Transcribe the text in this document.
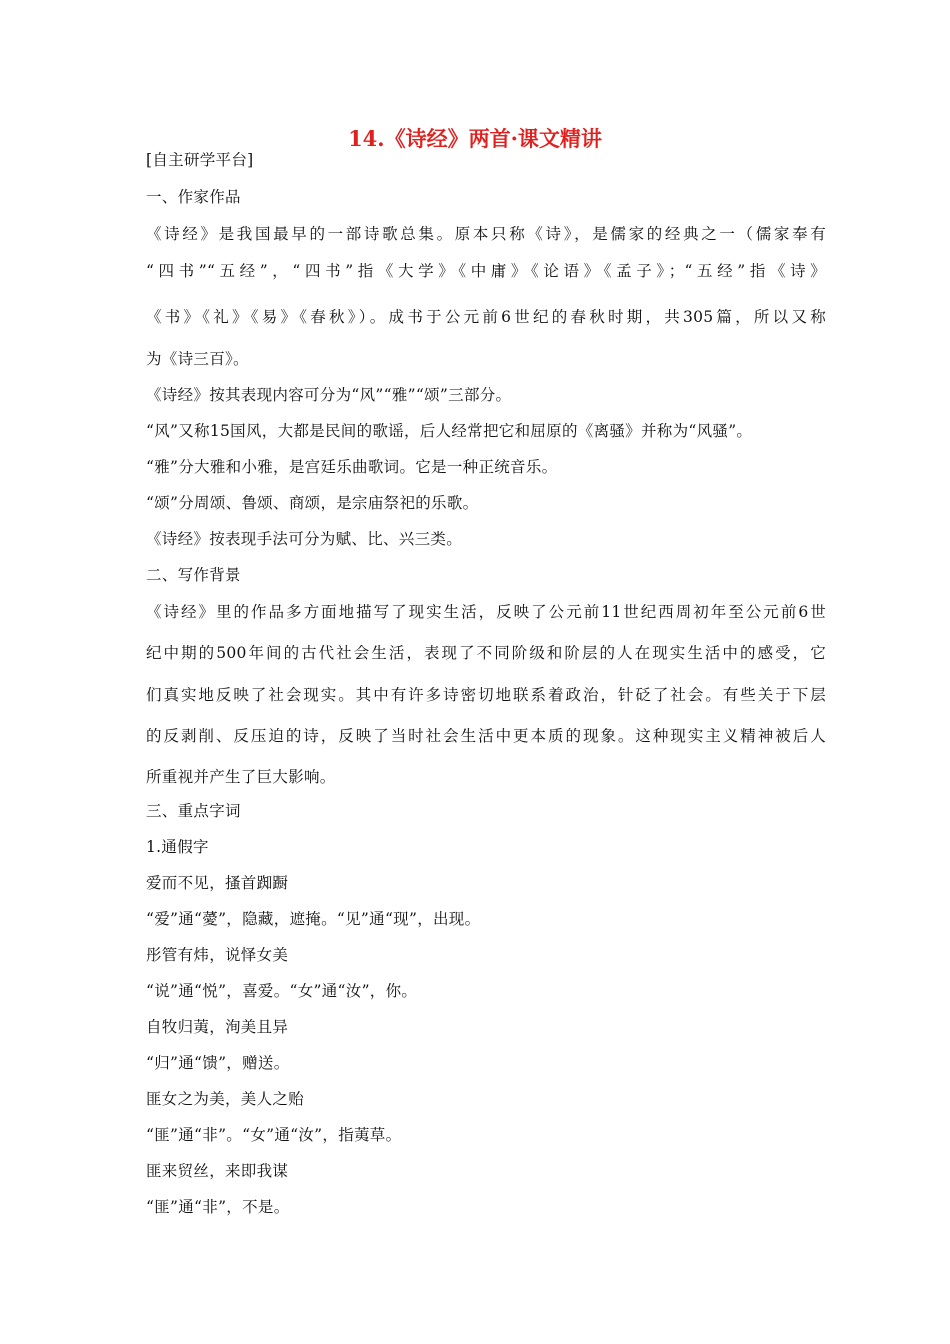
14.《诗经》两首·课文精讲

[自主研学平台]

一、作家作品

《诗经》是我国最早的一部诗歌总集。原本只称《诗》，是儒家的经典之一（儒家奉有

“四书”“五经”，“四书”指《大学》《中庸》《论语》《孟子》；“五经”指《诗》

《书》《礼》《易》《春秋》）。成书于公元前6世纪的春秋时期，共305篇，所以又称

为《诗三百》。

《诗经》按其表现内容可分为“风”“雅”“颂”三部分。

“风”又称15国风，大都是民间的歌谣，后人经常把它和屈原的《离骚》并称为“风骚”。

“雅”分大雅和小雅，是宫廷乐曲歌词。它是一种正统音乐。

“颂”分周颂、鲁颂、商颂，是宗庙祭祀的乐歌。

《诗经》按表现手法可分为赋、比、兴三类。

二、写作背景

《诗经》里的作品多方面地描写了现实生活，反映了公元前11世纪西周初年至公元前6世

纪中期的500年间的古代社会生活，表现了不同阶级和阶层的人在现实生活中的感受，它

们真实地反映了社会现实。其中有许多诗密切地联系着政治，针砭了社会。有些关于下层

的反剥削、反压迫的诗，反映了当时社会生活中更本质的现象。这种现实主义精神被后人

所重视并产生了巨大影响。

三、重点字词

1.通假字

爱而不见，搔首踟蹰

“爱”通“薆”，隐藏，遮掩。“见”通“现”，出现。

彤管有炜，说怿女美

“说”通“悦”，喜爱。“女”通“汝”，你。

自牧归荑，洵美且异

“归”通“馈”，赠送。

匪女之为美，美人之贻

“匪”通“非”。“女”通“汝”，指荑草。

匪来贸丝，来即我谋

“匪”通“非”，不是。
